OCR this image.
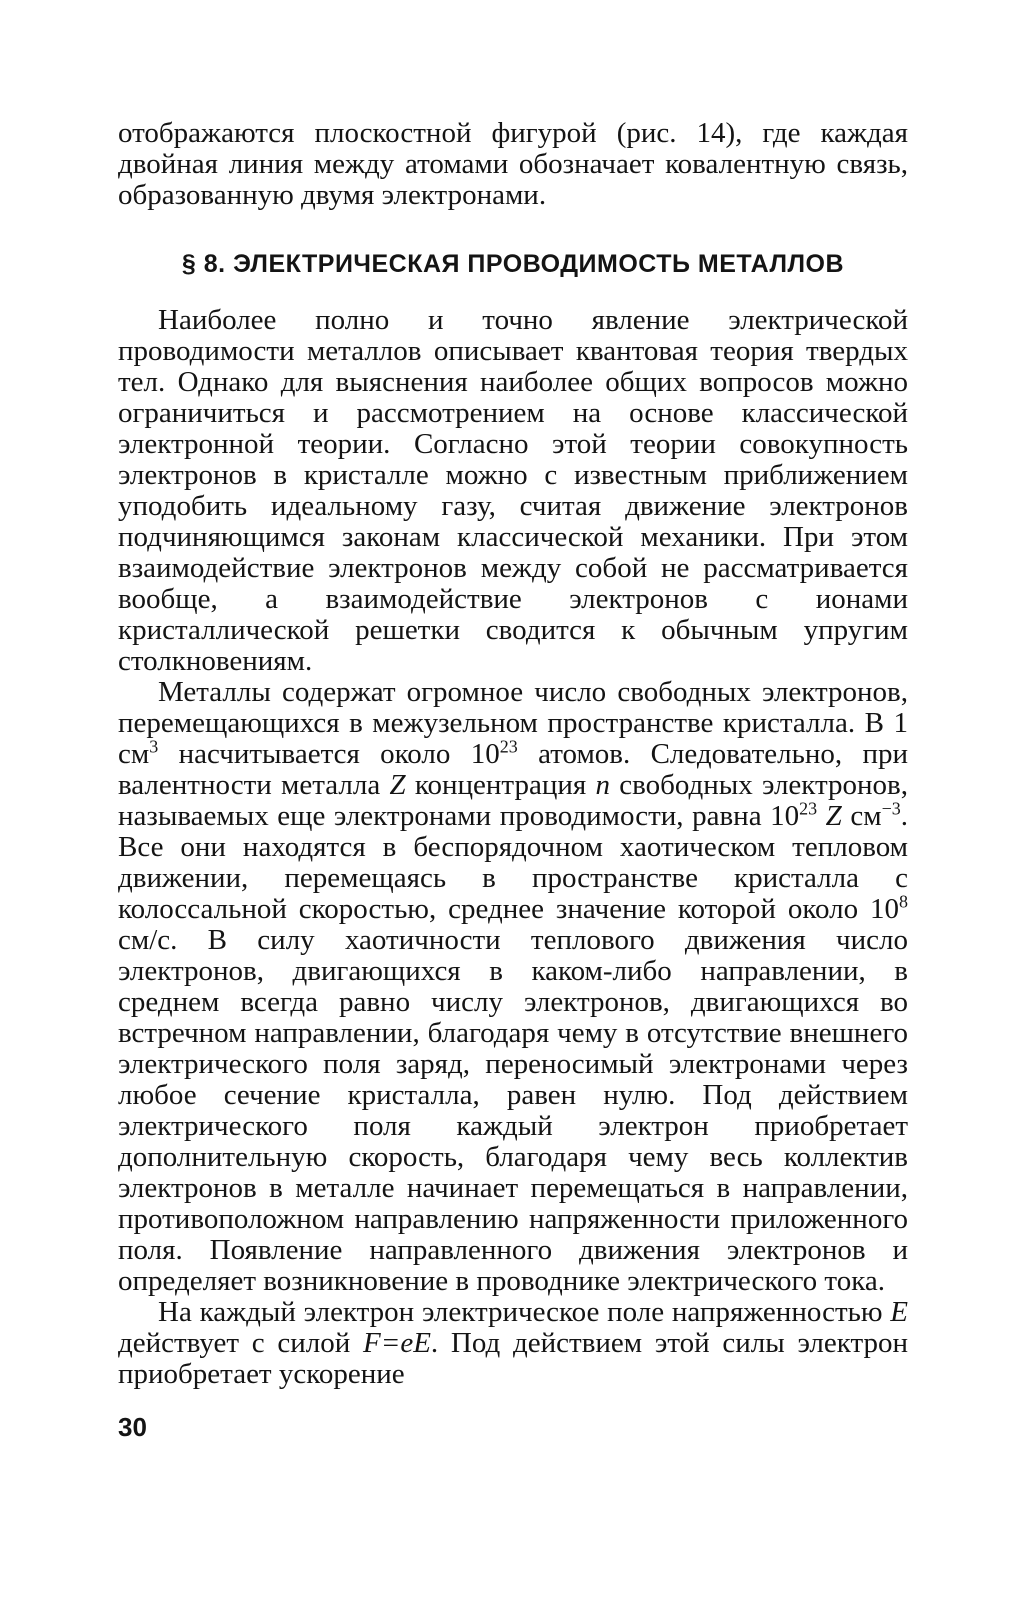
отображаются плоскостной фигурой (рис. 14), где каждая двойная линия между атомами обозначает ковалентную связь, образованную двумя электронами.

§ 8. ЭЛЕКТРИЧЕСКАЯ ПРОВОДИМОСТЬ МЕТАЛЛОВ

Наиболее полно и точно явление электрической проводимости металлов описывает квантовая теория твердых тел. Однако для выяснения наиболее общих вопросов можно ограничиться и рассмотрением на основе классической электронной теории. Согласно этой теории совокупность электронов в кристалле можно с известным приближением уподобить идеальному газу, считая движение электронов подчиняющимся законам классической механики. При этом взаимодействие электронов между собой не рассматривается вообще, а взаимодействие электронов с ионами кристаллической решетки сводится к обычным упругим столкновениям.

Металлы содержат огромное число свободных электронов, перемещающихся в межузельном пространстве кристалла. В 1 $см^3$ насчитывается около $10^{23}$ атомов. Следовательно, при валентности металла Z концентрация n свободных электронов, называемых еще электронами проводимости, равна $10^{23}$ Z $см^{-3}$. Все они находятся в беспорядочном хаотическом тепловом движении, перемещаясь в пространстве кристалла с колоссальной скоростью, среднее значение которой около $10^8$ см/с. В силу хаотичности теплового движения число электронов, двигающихся в каком-либо направлении, в среднем всегда равно числу электронов, двигающихся во встречном направлении, благодаря чему в отсутствие внешнего электрического поля заряд, переносимый электронами через любое сечение кристалла, равен нулю. Под действием электрического поля каждый электрон приобретает дополнительную скорость, благодаря чему весь коллектив электронов в металле начинает перемещаться в направлении, противоположном направлению напряженности приложенного поля. Появление направленного движения электронов и определяет возникновение в проводнике электрического тока.

На каждый электрон электрическое поле напряженностью E действует с силой F=eE. Под действием этой силы электрон приобретает ускорение

30
